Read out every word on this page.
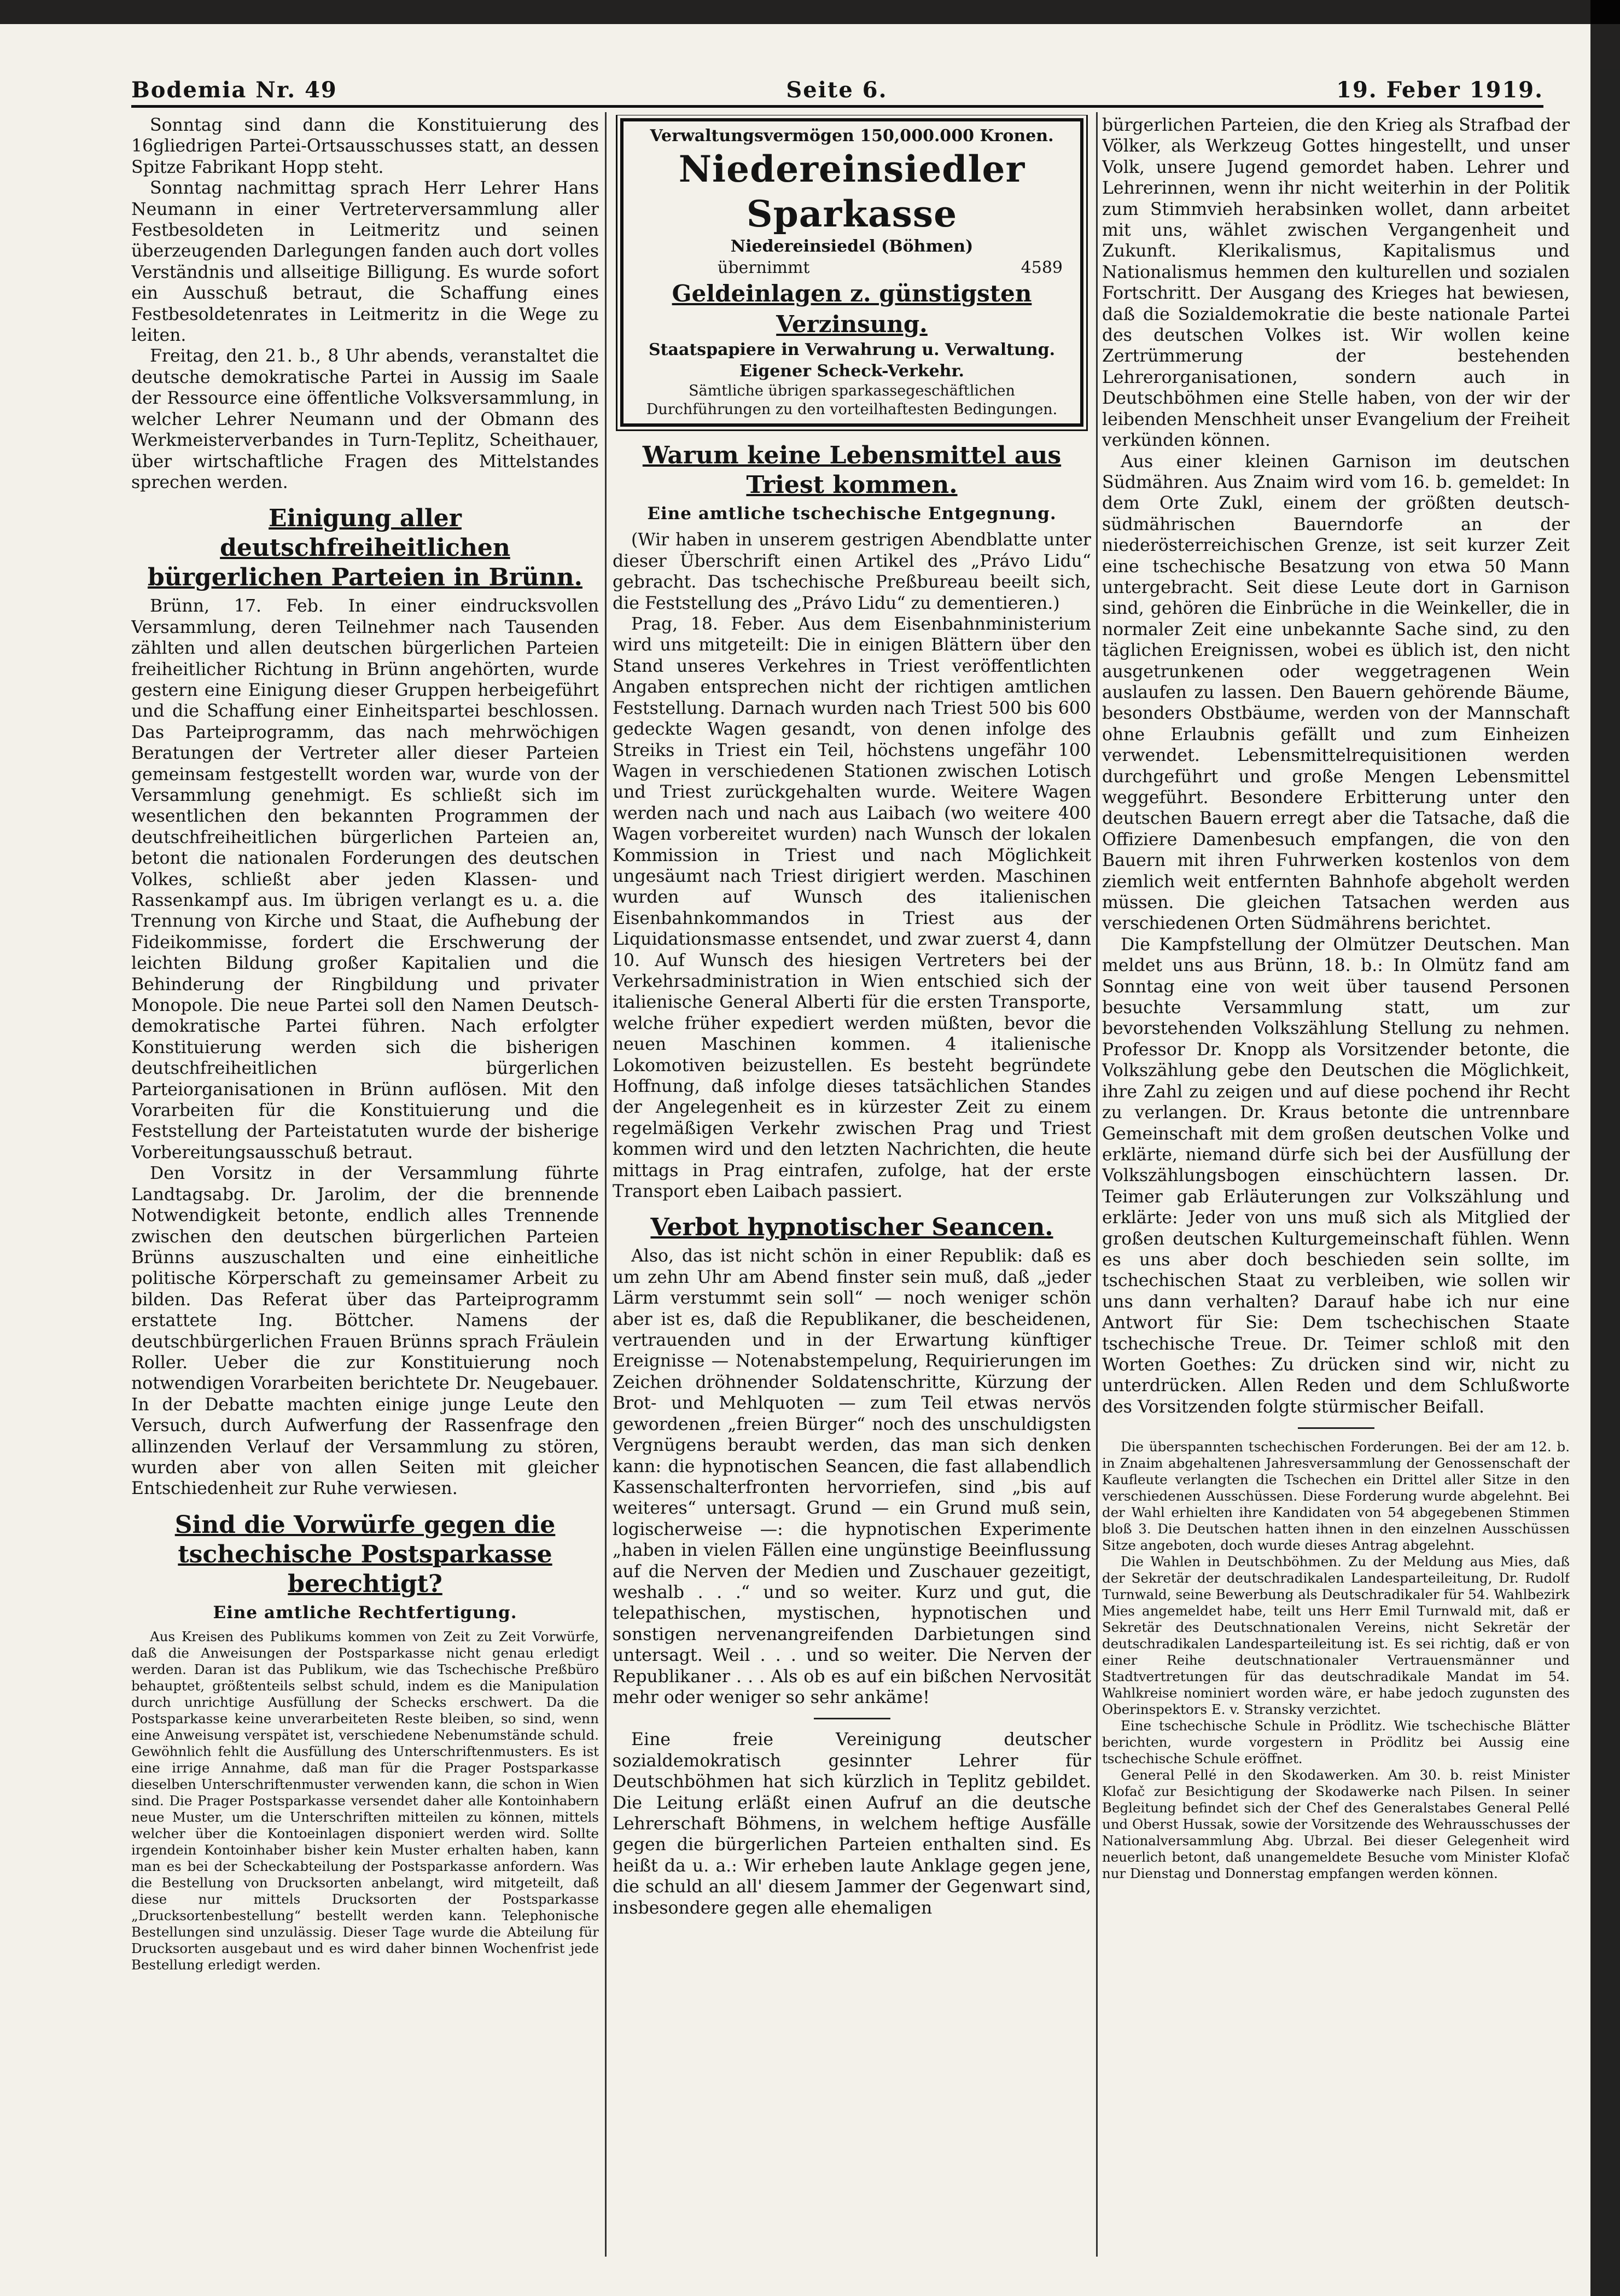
Bodemia Nr. 49	Seite 6.	19. Feber 1919.

Sonntag sind dann die Konstituierung des 16gliedrigen Partei-Ortsausschusses statt, an dessen Spitze Fabrikant Hopp steht.

Sonntag nachmittag sprach Herr Lehrer Hans Neumann in einer Vertreterversammlung aller Festbesoldeten in Leitmeritz und seinen überzeugenden Darlegungen fanden auch dort volles Verständnis und allseitige Billigung. Es wurde sofort ein Ausschuß betraut, die Schaffung eines Festbesoldetenrates in Leitmeritz in die Wege zu leiten.

Freitag, den 21. b., 8 Uhr abends, veranstaltet die deutsche demokratische Partei in Aussig im Saale der Ressource eine öffentliche Volksversammlung, in welcher Lehrer Neumann und der Obmann des Werkmeisterverbandes in Turn-Teplitz, Scheithauer, über wirtschaftliche Fragen des Mittelstandes sprechen werden.

Einigung aller deutschfreiheitlichen bürgerlichen Parteien in Brünn.

Brünn, 17. Feb. In einer eindrucksvollen Versammlung, deren Teilnehmer nach Tausenden zählten und allen deutschen bürgerlichen Parteien freiheitlicher Richtung in Brünn angehörten, wurde gestern eine Einigung dieser Gruppen herbeigeführt und die Schaffung einer Einheitspartei beschlossen. Das Parteiprogramm, das nach mehrwöchigen Beratungen der Vertreter aller dieser Parteien gemeinsam festgestellt worden war, wurde von der Versammlung genehmigt. Es schließt sich im wesentlichen den bekannten Programmen der deutschfreiheitlichen bürgerlichen Parteien an, betont die nationalen Forderungen des deutschen Volkes, schließt aber jeden Klassen- und Rassenkampf aus. Im übrigen verlangt es u. a. die Trennung von Kirche und Staat, die Aufhebung der Fideikommisse, fordert die Erschwerung der leichten Bildung großer Kapitalien und die Behinderung der Ringbildung und privater Monopole. Die neue Partei soll den Namen Deutsch-demokratische Partei führen. Nach erfolgter Konstituierung werden sich die bisherigen deutschfreiheitlichen bürgerlichen Parteiorganisationen in Brünn auflösen. Mit den Vorarbeiten für die Konstituierung und die Feststellung der Parteistatuten wurde der bisherige Vorbereitungsausschuß betraut.

Den Vorsitz in der Versammlung führte Landtagsabg. Dr. Jarolim, der die brennende Notwendigkeit betonte, endlich alles Trennende zwischen den deutschen bürgerlichen Parteien Brünns auszuschalten und eine einheitliche politische Körperschaft zu gemeinsamer Arbeit zu bilden. Das Referat über das Parteiprogramm erstattete Ing. Böttcher. Namens der deutschbürgerlichen Frauen Brünns sprach Fräulein Roller. Ueber die zur Konstituierung noch notwendigen Vorarbeiten berichtete Dr. Neugebauer. In der Debatte machten einige junge Leute den Versuch, durch Aufwerfung der Rassenfrage den allinzenden Verlauf der Versammlung zu stören, wurden aber von allen Seiten mit gleicher Entschiedenheit zur Ruhe verwiesen.

Sind die Vorwürfe gegen die tschechische Postsparkasse berechtigt?
Eine amtliche Rechtfertigung.

Aus Kreisen des Publikums kommen von Zeit zu Zeit Vorwürfe, daß die Anweisungen der Postsparkasse nicht genau erledigt werden. Daran ist das Publikum, wie das Tschechische Preßbüro behauptet, größtenteils selbst schuld, indem es die Manipulation durch unrichtige Ausfüllung der Schecks erschwert. Da die Postsparkasse keine unverarbeiteten Reste bleiben, so sind, wenn eine Anweisung verspätet ist, verschiedene Nebenumstände schuld. Gewöhnlich fehlt die Ausfüllung des Unterschriftenmusters. Es ist eine irrige Annahme, daß man für die Prager Postsparkasse dieselben Unterschriftenmuster verwenden kann, die schon in Wien sind. Die Prager Postsparkasse versendet daher alle Kontoinhabern neue Muster, um die Unterschriften mitteilen zu können, mittels welcher über die Kontoeinlagen disponiert werden wird. Sollte irgendein Kontoinhaber bisher kein Muster erhalten haben, kann man es bei der Scheckabteilung der Postsparkasse anfordern. Was die Bestellung von Drucksorten anbelangt, wird mitgeteilt, daß diese nur mittels Drucksorten der Postsparkasse „Drucksortenbestellung“ bestellt werden kann. Telephonische Bestellungen sind unzulässig. Dieser Tage wurde die Abteilung für Drucksorten ausgebaut und es wird daher binnen Wochenfrist jede Bestellung erledigt werden.

Verwaltungsvermögen 150,000.000 Kronen.
Niedereinsiedler Sparkasse
Niedereinsiedel (Böhmen)
übernimmt	4589
Geldeinlagen z. günstigsten Verzinsung.
Staatspapiere in Verwahrung u. Verwaltung.
Eigener Scheck-Verkehr.
Sämtliche übrigen sparkassegeschäftlichen Durchführungen zu den vorteilhaftesten Bedingungen.
Warum keine Lebensmittel aus Triest kommen.
Eine amtliche tschechische Entgegnung.

(Wir haben in unserem gestrigen Abendblatte unter dieser Überschrift einen Artikel des „Právo Lidu“ gebracht. Das tschechische Preßbureau beeilt sich, die Feststellung des „Právo Lidu“ zu dementieren.)

Prag, 18. Feber. Aus dem Eisenbahnministerium wird uns mitgeteilt: Die in einigen Blättern über den Stand unseres Verkehres in Triest veröffentlichten Angaben entsprechen nicht der richtigen amtlichen Feststellung. Darnach wurden nach Triest 500 bis 600 gedeckte Wagen gesandt, von denen infolge des Streiks in Triest ein Teil, höchstens ungefähr 100 Wagen in verschiedenen Stationen zwischen Lotisch und Triest zurückgehalten wurde. Weitere Wagen werden nach und nach aus Laibach (wo weitere 400 Wagen vorbereitet wurden) nach Wunsch der lokalen Kommission in Triest und nach Möglichkeit ungesäumt nach Triest dirigiert werden. Maschinen wurden auf Wunsch des italienischen Eisenbahnkommandos in Triest aus der Liquidationsmasse entsendet, und zwar zuerst 4, dann 10. Auf Wunsch des hiesigen Vertreters bei der Verkehrsadministration in Wien entschied sich der italienische General Alberti für die ersten Transporte, welche früher expediert werden müßten, bevor die neuen Maschinen kommen. 4 italienische Lokomotiven beizustellen. Es besteht begründete Hoffnung, daß infolge dieses tatsächlichen Standes der Angelegenheit es in kürzester Zeit zu einem regelmäßigen Verkehr zwischen Prag und Triest kommen wird und den letzten Nachrichten, die heute mittags in Prag eintrafen, zufolge, hat der erste Transport eben Laibach passiert.

Verbot hypnotischer Seancen.

Also, das ist nicht schön in einer Republik: daß es um zehn Uhr am Abend finster sein muß, daß „jeder Lärm verstummt sein soll“ — noch weniger schön aber ist es, daß die Republikaner, die bescheidenen, vertrauenden und in der Erwartung künftiger Ereignisse — Notenabstempelung, Requirierungen im Zeichen dröhnender Soldatenschritte, Kürzung der Brot- und Mehlquoten — zum Teil etwas nervös gewordenen „freien Bürger“ noch des unschuldigsten Vergnügens beraubt werden, das man sich denken kann: die hypnotischen Seancen, die fast allabendlich Kassenschalterfronten hervorriefen, sind „bis auf weiteres“ untersagt. Grund — ein Grund muß sein, logischerweise —: die hypnotischen Experimente „haben in vielen Fällen eine ungünstige Beeinflussung auf die Nerven der Medien und Zuschauer gezeitigt, weshalb . . .“ und so weiter. Kurz und gut, die telepathischen, mystischen, hypnotischen und sonstigen nervenangreifenden Darbietungen sind untersagt. Weil . . . und so weiter. Die Nerven der Republikaner . . . Als ob es auf ein bißchen Nervosität mehr oder weniger so sehr ankäme!

Eine freie Vereinigung deutscher sozialdemokratisch gesinnter Lehrer für Deutschböhmen hat sich kürzlich in Teplitz gebildet. Die Leitung erläßt einen Aufruf an die deutsche Lehrerschaft Böhmens, in welchem heftige Ausfälle gegen die bürgerlichen Parteien enthalten sind. Es heißt da u. a.: Wir erheben laute Anklage gegen jene, die schuld an all' diesem Jammer der Gegenwart sind, insbesondere gegen alle ehemaligen

bürgerlichen Parteien, die den Krieg als Strafbad der Völker, als Werkzeug Gottes hingestellt, und unser Volk, unsere Jugend gemordet haben. Lehrer und Lehrerinnen, wenn ihr nicht weiterhin in der Politik zum Stimmvieh herabsinken wollet, dann arbeitet mit uns, wählet zwischen Vergangenheit und Zukunft. Klerikalismus, Kapitalismus und Nationalismus hemmen den kulturellen und sozialen Fortschritt. Der Ausgang des Krieges hat bewiesen, daß die Sozialdemokratie die beste nationale Partei des deutschen Volkes ist. Wir wollen keine Zertrümmerung der bestehenden Lehrerorganisationen, sondern auch in Deutschböhmen eine Stelle haben, von der wir der leibenden Menschheit unser Evangelium der Freiheit verkünden können.

Aus einer kleinen Garnison im deutschen Südmähren. Aus Znaim wird vom 16. b. gemeldet: In dem Orte Zukl, einem der größten deutsch-südmährischen Bauerndorfe an der niederösterreichischen Grenze, ist seit kurzer Zeit eine tschechische Besatzung von etwa 50 Mann untergebracht. Seit diese Leute dort in Garnison sind, gehören die Einbrüche in die Weinkeller, die in normaler Zeit eine unbekannte Sache sind, zu den täglichen Ereignissen, wobei es üblich ist, den nicht ausgetrunkenen oder weggetragenen Wein auslaufen zu lassen. Den Bauern gehörende Bäume, besonders Obstbäume, werden von der Mannschaft ohne Erlaubnis gefällt und zum Einheizen verwendet. Lebensmittelrequisitionen werden durchgeführt und große Mengen Lebensmittel weggeführt. Besondere Erbitterung unter den deutschen Bauern erregt aber die Tatsache, daß die Offiziere Damenbesuch empfangen, die von den Bauern mit ihren Fuhrwerken kostenlos von dem ziemlich weit entfernten Bahnhofe abgeholt werden müssen. Die gleichen Tatsachen werden aus verschiedenen Orten Südmährens berichtet.

Die Kampfstellung der Olmützer Deutschen. Man meldet uns aus Brünn, 18. b.: In Olmütz fand am Sonntag eine von weit über tausend Personen besuchte Versammlung statt, um zur bevorstehenden Volkszählung Stellung zu nehmen. Professor Dr. Knopp als Vorsitzender betonte, die Volkszählung gebe den Deutschen die Möglichkeit, ihre Zahl zu zeigen und auf diese pochend ihr Recht zu verlangen. Dr. Kraus betonte die untrennbare Gemeinschaft mit dem großen deutschen Volke und erklärte, niemand dürfe sich bei der Ausfüllung der Volkszählungsbogen einschüchtern lassen. Dr. Teimer gab Erläuterungen zur Volkszählung und erklärte: Jeder von uns muß sich als Mitglied der großen deutschen Kulturgemeinschaft fühlen. Wenn es uns aber doch beschieden sein sollte, im tschechischen Staat zu verbleiben, wie sollen wir uns dann verhalten? Darauf habe ich nur eine Antwort für Sie: Dem tschechischen Staate tschechische Treue. Dr. Teimer schloß mit den Worten Goethes: Zu drücken sind wir, nicht zu unterdrücken. Allen Reden und dem Schlußworte des Vorsitzenden folgte stürmischer Beifall.

Die überspannten tschechischen Forderungen. Bei der am 12. b. in Znaim abgehaltenen Jahresversammlung der Genossenschaft der Kaufleute verlangten die Tschechen ein Drittel aller Sitze in den verschiedenen Ausschüssen. Diese Forderung wurde abgelehnt. Bei der Wahl erhielten ihre Kandidaten von 54 abgegebenen Stimmen bloß 3. Die Deutschen hatten ihnen in den einzelnen Ausschüssen Sitze angeboten, doch wurde dieses Antrag abgelehnt.

Die Wahlen in Deutschböhmen. Zu der Meldung aus Mies, daß der Sekretär der deutschradikalen Landesparteileitung, Dr. Rudolf Turnwald, seine Bewerbung als Deutschradikaler für 54. Wahlbezirk Mies angemeldet habe, teilt uns Herr Emil Turnwald mit, daß er Sekretär des Deutschnationalen Vereins, nicht Sekretär der deutschradikalen Landesparteileitung ist. Es sei richtig, daß er von einer Reihe deutschnationaler Vertrauensmänner und Stadtvertretungen für das deutschradikale Mandat im 54. Wahlkreise nominiert worden wäre, er habe jedoch zugunsten des Oberinspektors E. v. Stransky verzichtet.

Eine tschechische Schule in Prödlitz. Wie tschechische Blätter berichten, wurde vorgestern in Prödlitz bei Aussig eine tschechische Schule eröffnet.

General Pellé in den Skodawerken. Am 30. b. reist Minister Klofač zur Besichtigung der Skodawerke nach Pilsen. In seiner Begleitung befindet sich der Chef des Generalstabes General Pellé und Oberst Hussak, sowie der Vorsitzende des Wehrausschusses der Nationalversammlung Abg. Ubrzal. Bei dieser Gelegenheit wird neuerlich betont, daß unangemeldete Besuche vom Minister Klofač nur Dienstag und Donnerstag empfangen werden können.
